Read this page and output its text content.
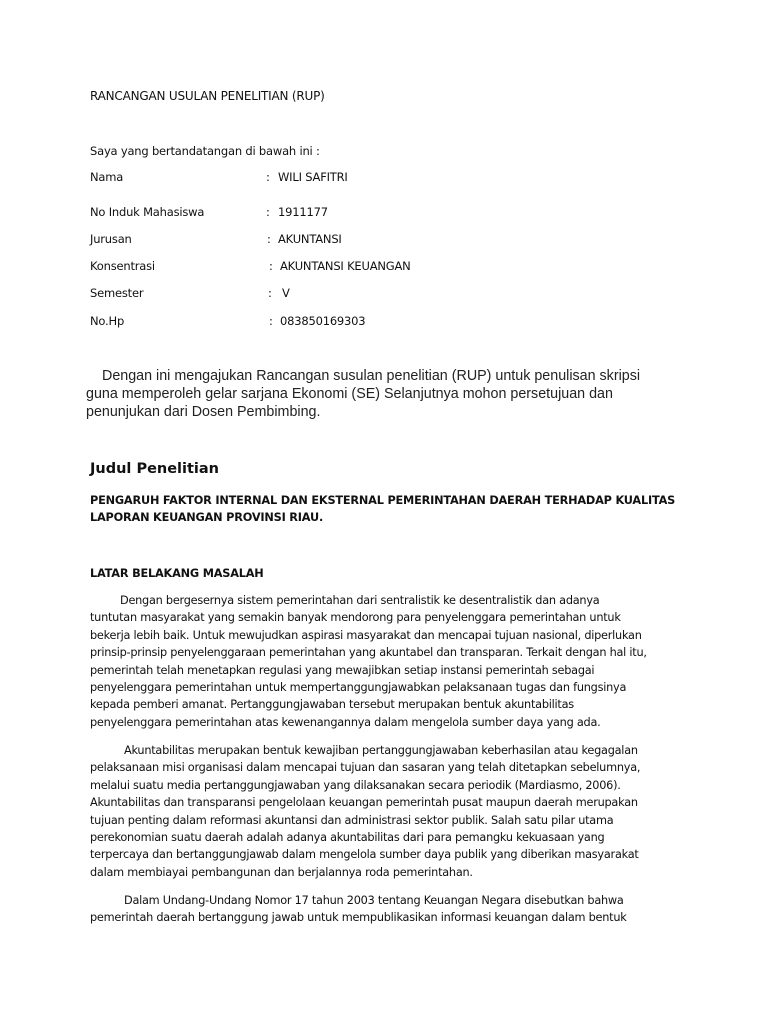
RANCANGAN USULAN PENELITIAN (RUP)
Saya yang bertandatangan di bawah ini :
Nama	: WILI SAFITRI
No Induk Mahasiswa	: 1911177
Jurusan	: AKUNTANSI
Konsentrasi	: AKUNTANSI KEUANGAN
Semester	: V
No.Hp	: 083850169303
Dengan ini mengajukan Rancangan susulan penelitian (RUP) untuk penulisan skripsi
guna memperoleh gelar sarjana Ekonomi (SE) Selanjutnya mohon persetujuan dan
penunjukan dari Dosen Pembimbing.
Judul Penelitian
PENGARUH FAKTOR INTERNAL DAN EKSTERNAL PEMERINTAHAN DAERAH TERHADAP KUALITAS
LAPORAN KEUANGAN PROVINSI RIAU.
LATAR BELAKANG MASALAH
Dengan bergesernya sistem pemerintahan dari sentralistik ke desentralistik dan adanya
tuntutan masyarakat yang semakin banyak mendorong para penyelenggara pemerintahan untuk
bekerja lebih baik. Untuk mewujudkan aspirasi masyarakat dan mencapai tujuan nasional, diperlukan
prinsip-prinsip penyelenggaraan pemerintahan yang akuntabel dan transparan. Terkait dengan hal itu,
pemerintah telah menetapkan regulasi yang mewajibkan setiap instansi pemerintah sebagai
penyelenggara pemerintahan untuk mempertanggungjawabkan pelaksanaan tugas dan fungsinya
kepada pemberi amanat. Pertanggungjawaban tersebut merupakan bentuk akuntabilitas
penyelenggara pemerintahan atas kewenangannya dalam mengelola sumber daya yang ada.
Akuntabilitas merupakan bentuk kewajiban pertanggungjawaban keberhasilan atau kegagalan
pelaksanaan misi organisasi dalam mencapai tujuan dan sasaran yang telah ditetapkan sebelumnya,
melalui suatu media pertanggungjawaban yang dilaksanakan secara periodik (Mardiasmo, 2006).
Akuntabilitas dan transparansi pengelolaan keuangan pemerintah pusat maupun daerah merupakan
tujuan penting dalam reformasi akuntansi dan administrasi sektor publik. Salah satu pilar utama
perekonomian suatu daerah adalah adanya akuntabilitas dari para pemangku kekuasaan yang
terpercaya dan bertanggungjawab dalam mengelola sumber daya publik yang diberikan masyarakat
dalam membiayai pembangunan dan berjalannya roda pemerintahan.
Dalam Undang-Undang Nomor 17 tahun 2003 tentang Keuangan Negara disebutkan bahwa
pemerintah daerah bertanggung jawab untuk mempublikasikan informasi keuangan dalam bentuk
